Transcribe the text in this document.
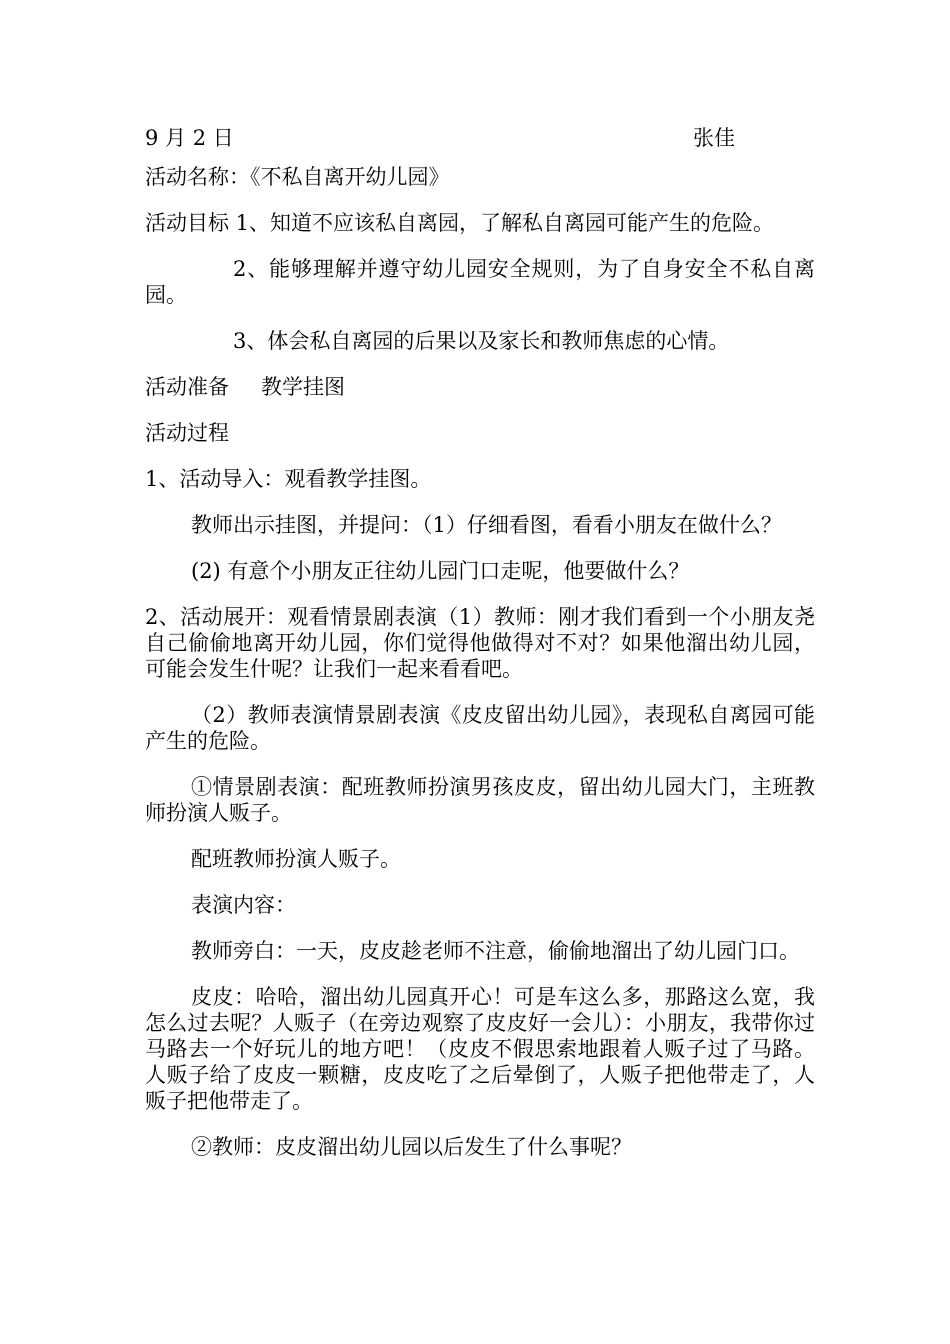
9 月 2 日	张佳

活动名称：《不私自离开幼儿园》

活动目标 1、知道不应该私自离园，了解私自离园可能产生的危险。

2、能够理解并遵守幼儿园安全规则，为了自身安全不私自离园。

3、体会私自离园的后果以及家长和教师焦虑的心情。

活动准备 教学挂图

活动过程

1、活动导入：观看教学挂图。

教师出示挂图，并提问：（1）仔细看图，看看小朋友在做什么？

(2) 有意个小朋友正往幼儿园门口走呢，他要做什么？

2、活动展开：观看情景剧表演（1）教师：刚才我们看到一个小朋友尧自己偷偷地离开幼儿园，你们觉得他做得对不对？如果他溜出幼儿园，可能会发生什呢？让我们一起来看看吧。

（2）教师表演情景剧表演《皮皮留出幼儿园》，表现私自离园可能产生的危险。

①情景剧表演：配班教师扮演男孩皮皮，留出幼儿园大门，主班教师扮演人贩子。

配班教师扮演人贩子。

表演内容：

教师旁白：一天，皮皮趁老师不注意，偷偷地溜出了幼儿园门口。

皮皮：哈哈，溜出幼儿园真开心！可是车这么多，那路这么宽，我怎么过去呢？人贩子（在旁边观察了皮皮好一会儿）：小朋友，我带你过马路去一个好玩儿的地方吧！（皮皮不假思索地跟着人贩子过了马路。人贩子给了皮皮一颗糖，皮皮吃了之后晕倒了，人贩子把他带走了，人贩子把他带走了。

②教师：皮皮溜出幼儿园以后发生了什么事呢？
